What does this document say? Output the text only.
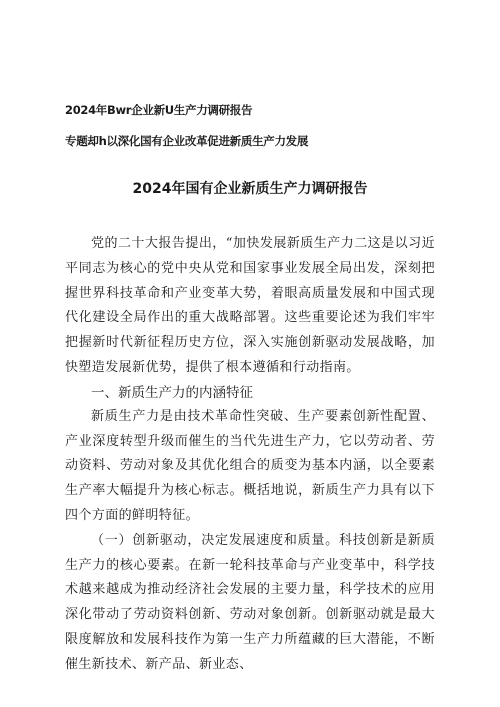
2024年Bwr企业新U生产力调研报告
专题却h以深化国有企业改革促进新质生产力发展
2024年国有企业新质生产力调研报告

党的二十大报告提出，“加快发展新质生产力二这是以习近平同志为核心的党中央从党和国家事业发展全局出发，深刻把握世界科技革命和产业变革大势，着眼高质量发展和中国式现代化建设全局作出的重大战略部署。这些重要论述为我们牢牢把握新时代新征程历史方位，深入实施创新驱动发展战略，加快塑造发展新优势，提供了根本遵循和行动指南。

一、新质生产力的内涵特征

新质生产力是由技术革命性突破、生产要素创新性配置、产业深度转型升级而催生的当代先进生产力，它以劳动者、劳动资料、劳动对象及其优化组合的质变为基本内涵，以全要素生产率大幅提升为核心标志。概括地说，新质生产力具有以下四个方面的鲜明特征。

（一）创新驱动，决定发展速度和质量。科技创新是新质生产力的核心要素。在新一轮科技革命与产业变革中，科学技术越来越成为推动经济社会发展的主要力量，科学技术的应用深化带动了劳动资料创新、劳动对象创新。创新驱动就是最大限度解放和发展科技作为第一生产力所蕴藏的巨大潜能，不断催生新技术、新产品、新业态、
